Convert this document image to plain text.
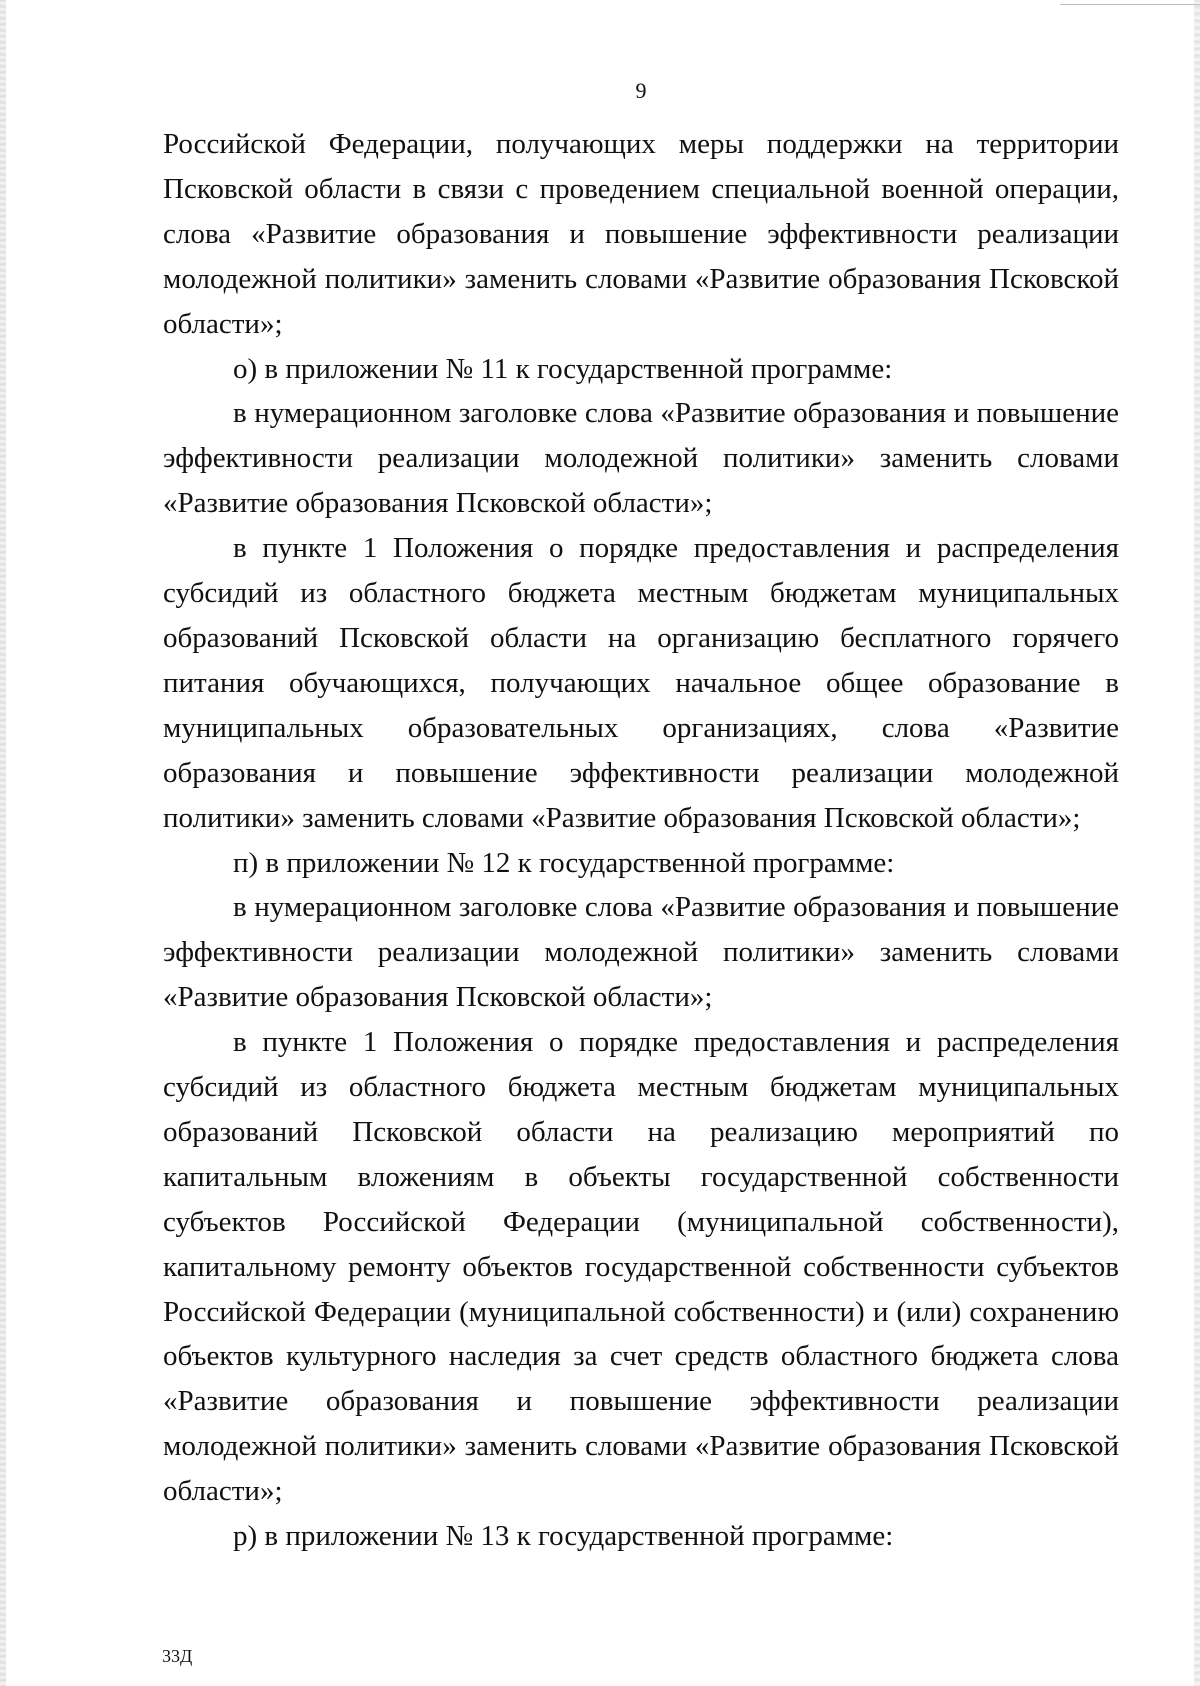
9

Российской Федерации, получающих меры поддержки на территории Псковской области в связи с проведением специальной военной операции, слова «Развитие образования и повышение эффективности реализации молодежной политики» заменить словами «Развитие образования Псковской области»;

о) в приложении № 11 к государственной программе:

в нумерационном заголовке слова «Развитие образования и повышение эффективности реализации молодежной политики» заменить словами «Развитие образования Псковской области»;

в пункте 1 Положения о порядке предоставления и распределения субсидий из областного бюджета местным бюджетам муниципальных образований Псковской области на организацию бесплатного горячего питания обучающихся, получающих начальное общее образование в муниципальных образовательных организациях, слова «Развитие образования и повышение эффективности реализации молодежной политики» заменить словами «Развитие образования Псковской области»;

п) в приложении № 12 к государственной программе:

в нумерационном заголовке слова «Развитие образования и повышение эффективности реализации молодежной политики» заменить словами «Развитие образования Псковской области»;

в пункте 1 Положения о порядке предоставления и распределения субсидий из областного бюджета местным бюджетам муниципальных образований Псковской области на реализацию мероприятий по капитальным вложениям в объекты государственной собственности субъектов Российской Федерации (муниципальной собственности), капитальному ремонту объектов государственной собственности субъектов Российской Федерации (муниципальной собственности) и (или) сохранению объектов культурного наследия за счет средств областного бюджета слова «Развитие образования и повышение эффективности реализации молодежной политики» заменить словами «Развитие образования Псковской области»;

р) в приложении № 13 к государственной программе:

33Д
